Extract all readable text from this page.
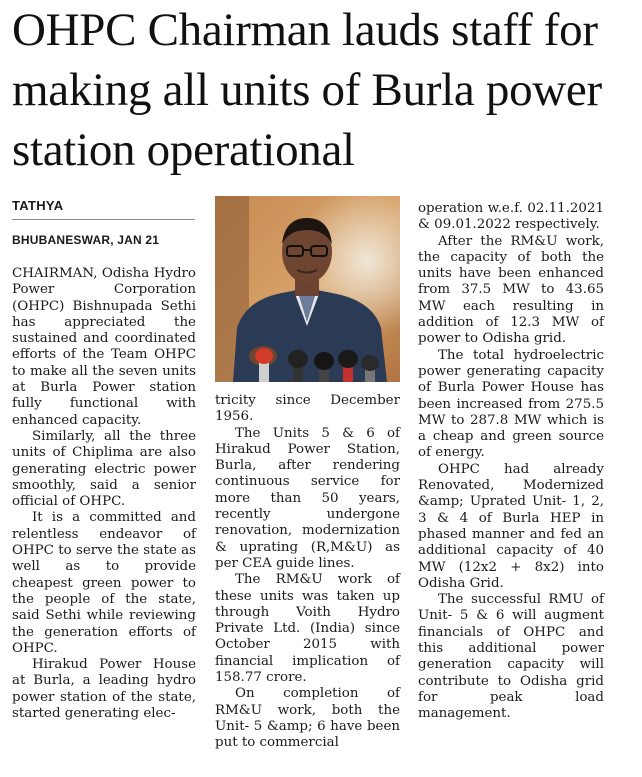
OHPC Chairman lauds staff for making all units of Burla power station operational
TATHYA
BHUBANESWAR, JAN 21

CHAIRMAN, Odisha Hydro Power Corporation (OHPC) Bishnupada Sethi has appreciated the sustained and coordinated efforts of the Team OHPC to make all the seven units at Burla Power station fully functional with enhanced capacity.

Similarly, all the three units of Chiplima are also generating electric power smoothly, said a senior official of OHPC.

It is a committed and relentless endeavor of OHPC to serve the state as well as to provide cheapest green power to the people of the state, said Sethi while reviewing the generation efforts of OHPC.

Hirakud Power House at Burla, a leading hydro power station of the state, started generating elec-

tricity since December 1956.

The Units 5 & 6 of Hirakud Power Station, Burla, after rendering continuous service for more than 50 years, recently undergone renovation, modernization & uprating (R,M&U) as per CEA guide lines.

The RM&U work of these units was taken up through Voith Hydro Private Ltd. (India) since October 2015 with financial implication of 158.77 crore.

On completion of RM&U work, both the Unit- 5 &amp; 6 have been put to commercial

operation w.e.f. 02.11.2021 & 09.01.2022 respectively.

After the RM&U work, the capacity of both the units have been enhanced from 37.5 MW to 43.65 MW each resulting in addition of 12.3 MW of power to Odisha grid.

The total hydroelectric power generating capacity of Burla Power House has been increased from 275.5 MW to 287.8 MW which is a cheap and green source of energy.

OHPC had already Renovated, Modernized &amp; Uprated Unit- 1, 2, 3 & 4 of Burla HEP in phased manner and fed an additional capacity of 40 MW (12x2 + 8x2) into Odisha Grid.

The successful RMU of Unit- 5 & 6 will augment financials of OHPC and this additional power generation capacity will contribute to Odisha grid for peak load management.
